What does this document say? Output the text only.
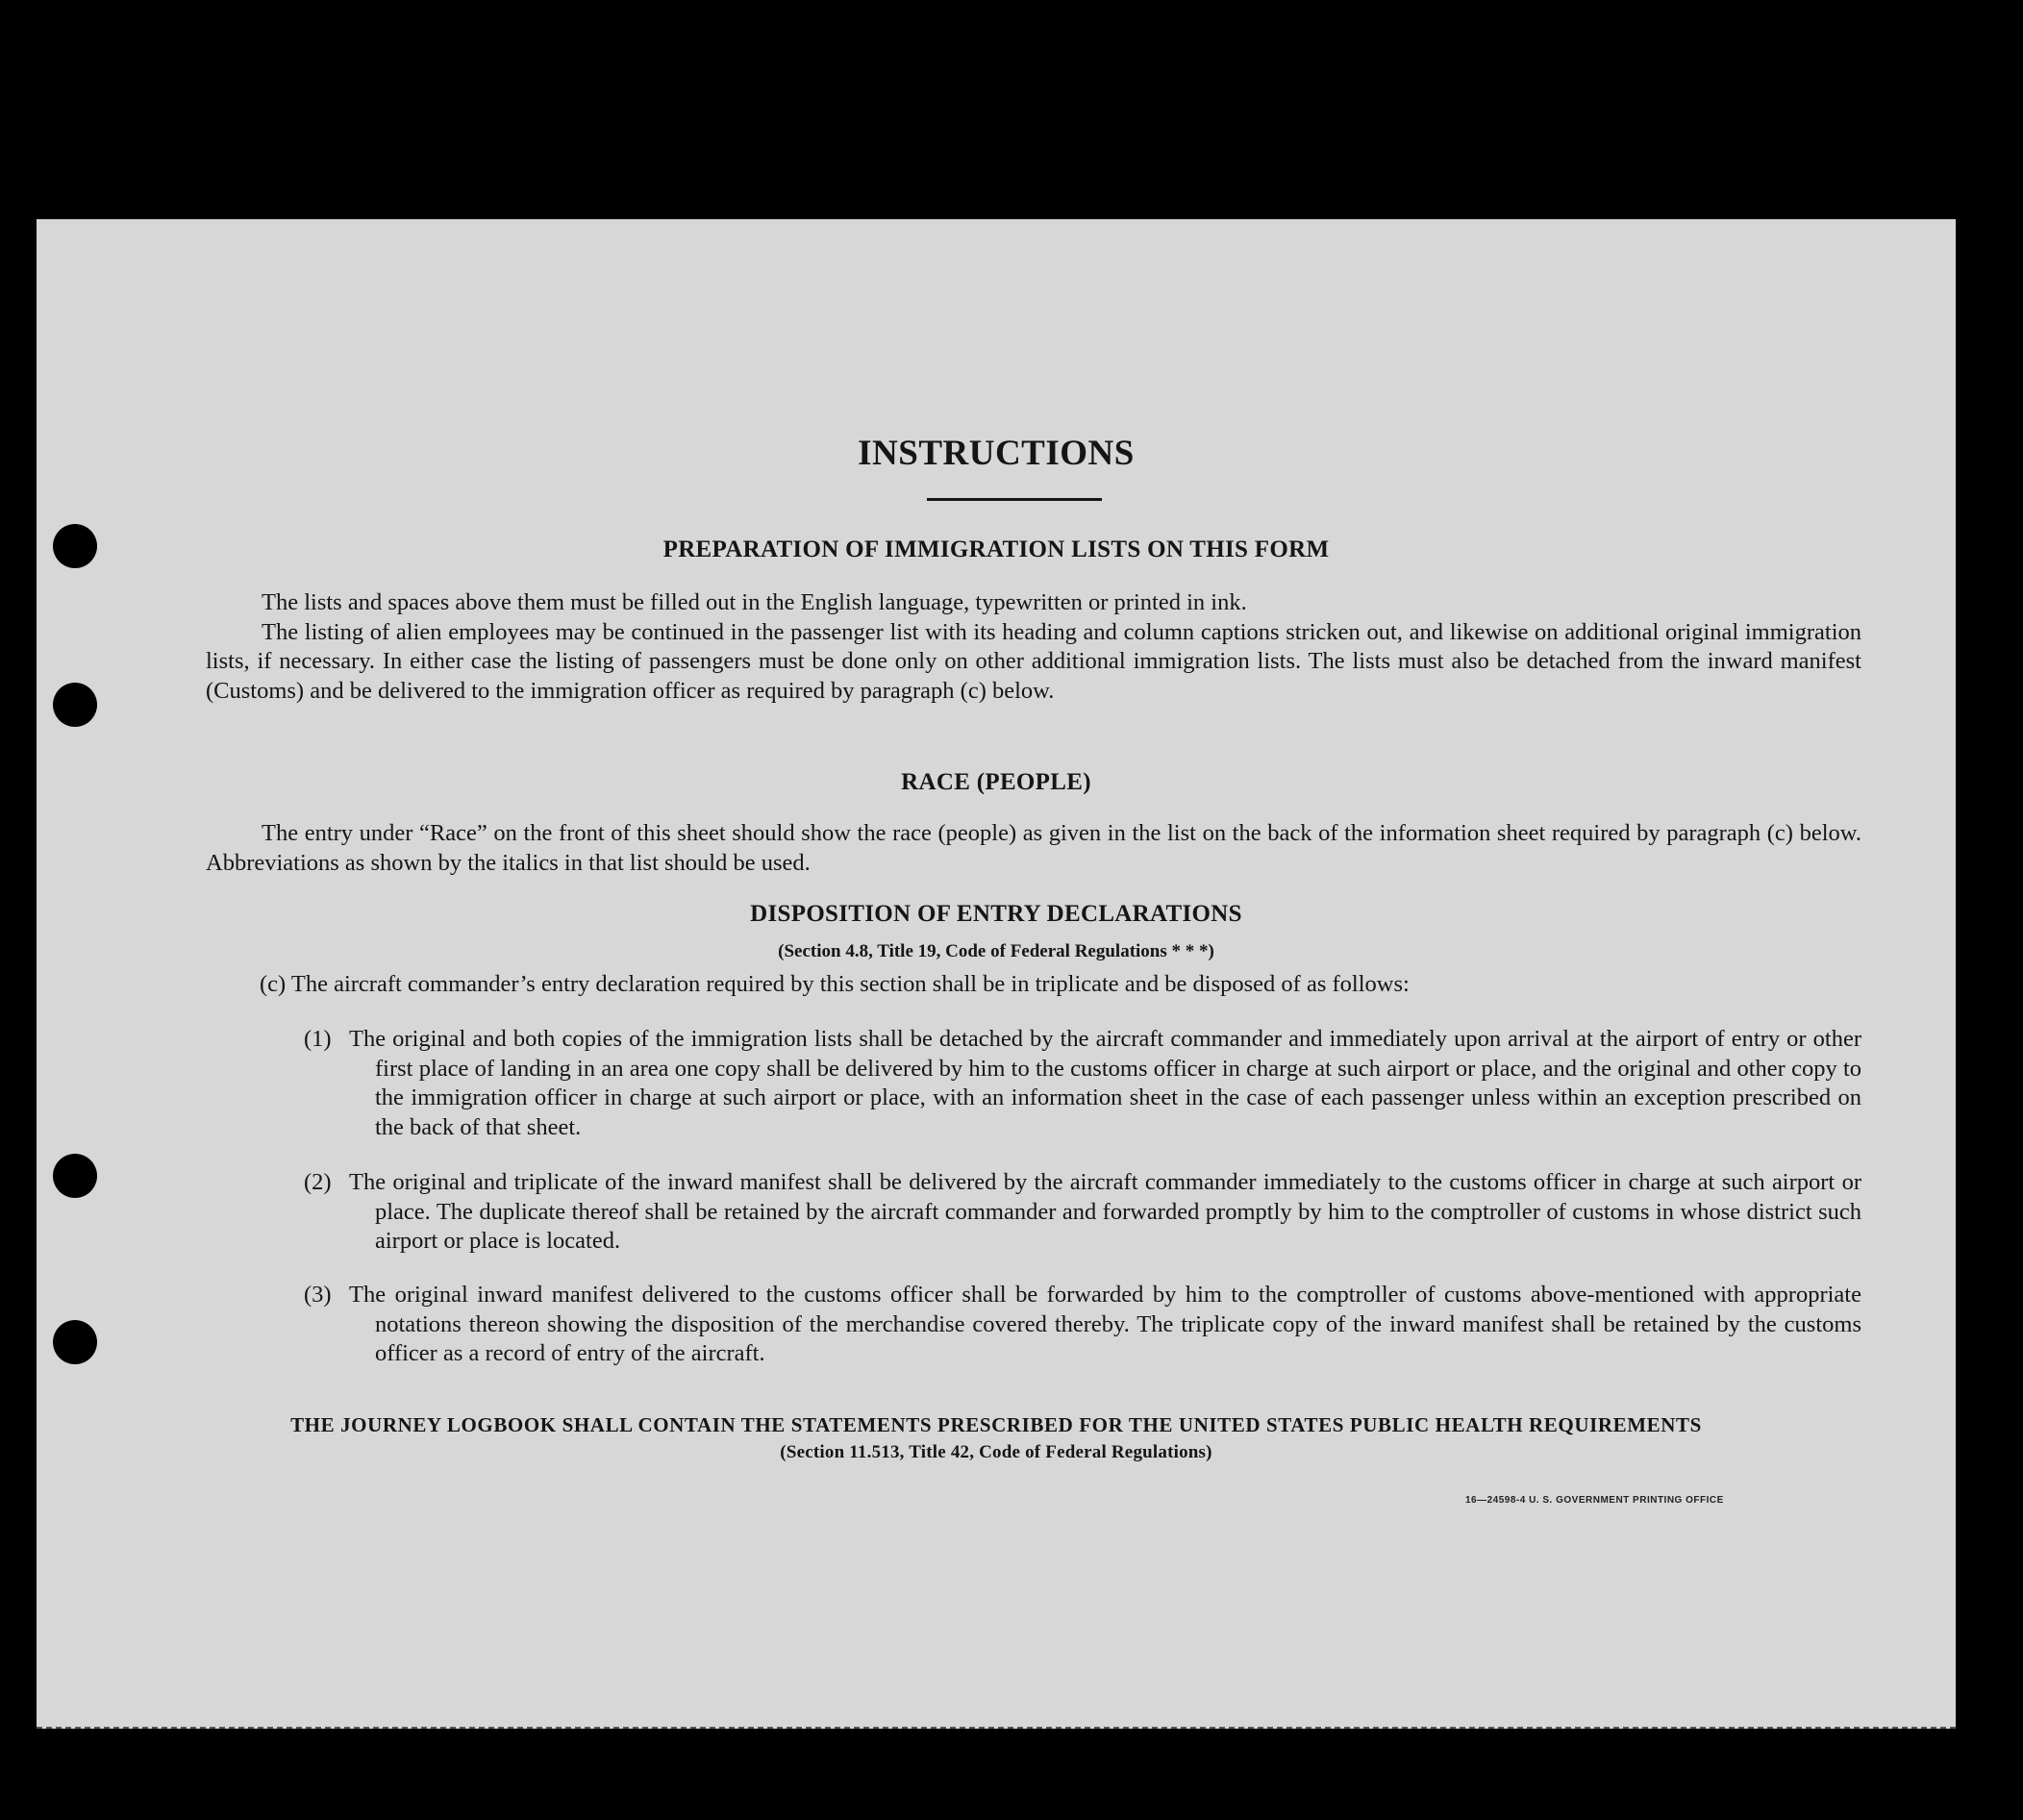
INSTRUCTIONS
PREPARATION OF IMMIGRATION LISTS ON THIS FORM

The lists and spaces above them must be filled out in the English language, typewritten or printed in ink.

The listing of alien employees may be continued in the passenger list with its heading and column captions stricken out, and likewise on additional original immigration lists, if necessary. In either case the listing of passengers must be done only on other additional immigration lists. The lists must also be detached from the inward manifest (Customs) and be delivered to the immigration officer as required by paragraph (c) below.

RACE (PEOPLE)

The entry under “Race” on the front of this sheet should show the race (people) as given in the list on the back of the information sheet required by paragraph (c) below. Abbreviations as shown by the italics in that list should be used.

DISPOSITION OF ENTRY DECLARATIONS
(Section 4.8, Title 19, Code of Federal Regulations * * *)
(c) The aircraft commander’s entry declaration required by this section shall be in triplicate and be disposed of as follows:
(1) The original and both copies of the immigration lists shall be detached by the aircraft commander and immediately upon arrival at the airport of entry or other first place of landing in an area one copy shall be delivered by him to the customs officer in charge at such airport or place, and the original and other copy to the immigration officer in charge at such airport or place, with an information sheet in the case of each passenger unless within an exception prescribed on the back of that sheet.
(2) The original and triplicate of the inward manifest shall be delivered by the aircraft commander immediately to the customs officer in charge at such airport or place. The duplicate thereof shall be retained by the aircraft commander and forwarded promptly by him to the comptroller of customs in whose district such airport or place is located.
(3) The original inward manifest delivered to the customs officer shall be forwarded by him to the comptroller of customs above-mentioned with appropriate notations thereon showing the disposition of the merchandise covered thereby. The triplicate copy of the inward manifest shall be retained by the customs officer as a record of entry of the aircraft.
THE JOURNEY LOGBOOK SHALL CONTAIN THE STATEMENTS PRESCRIBED FOR THE UNITED STATES PUBLIC HEALTH REQUIREMENTS
(Section 11.513, Title 42, Code of Federal Regulations)
16—24598-4 U. S. GOVERNMENT PRINTING OFFICE
